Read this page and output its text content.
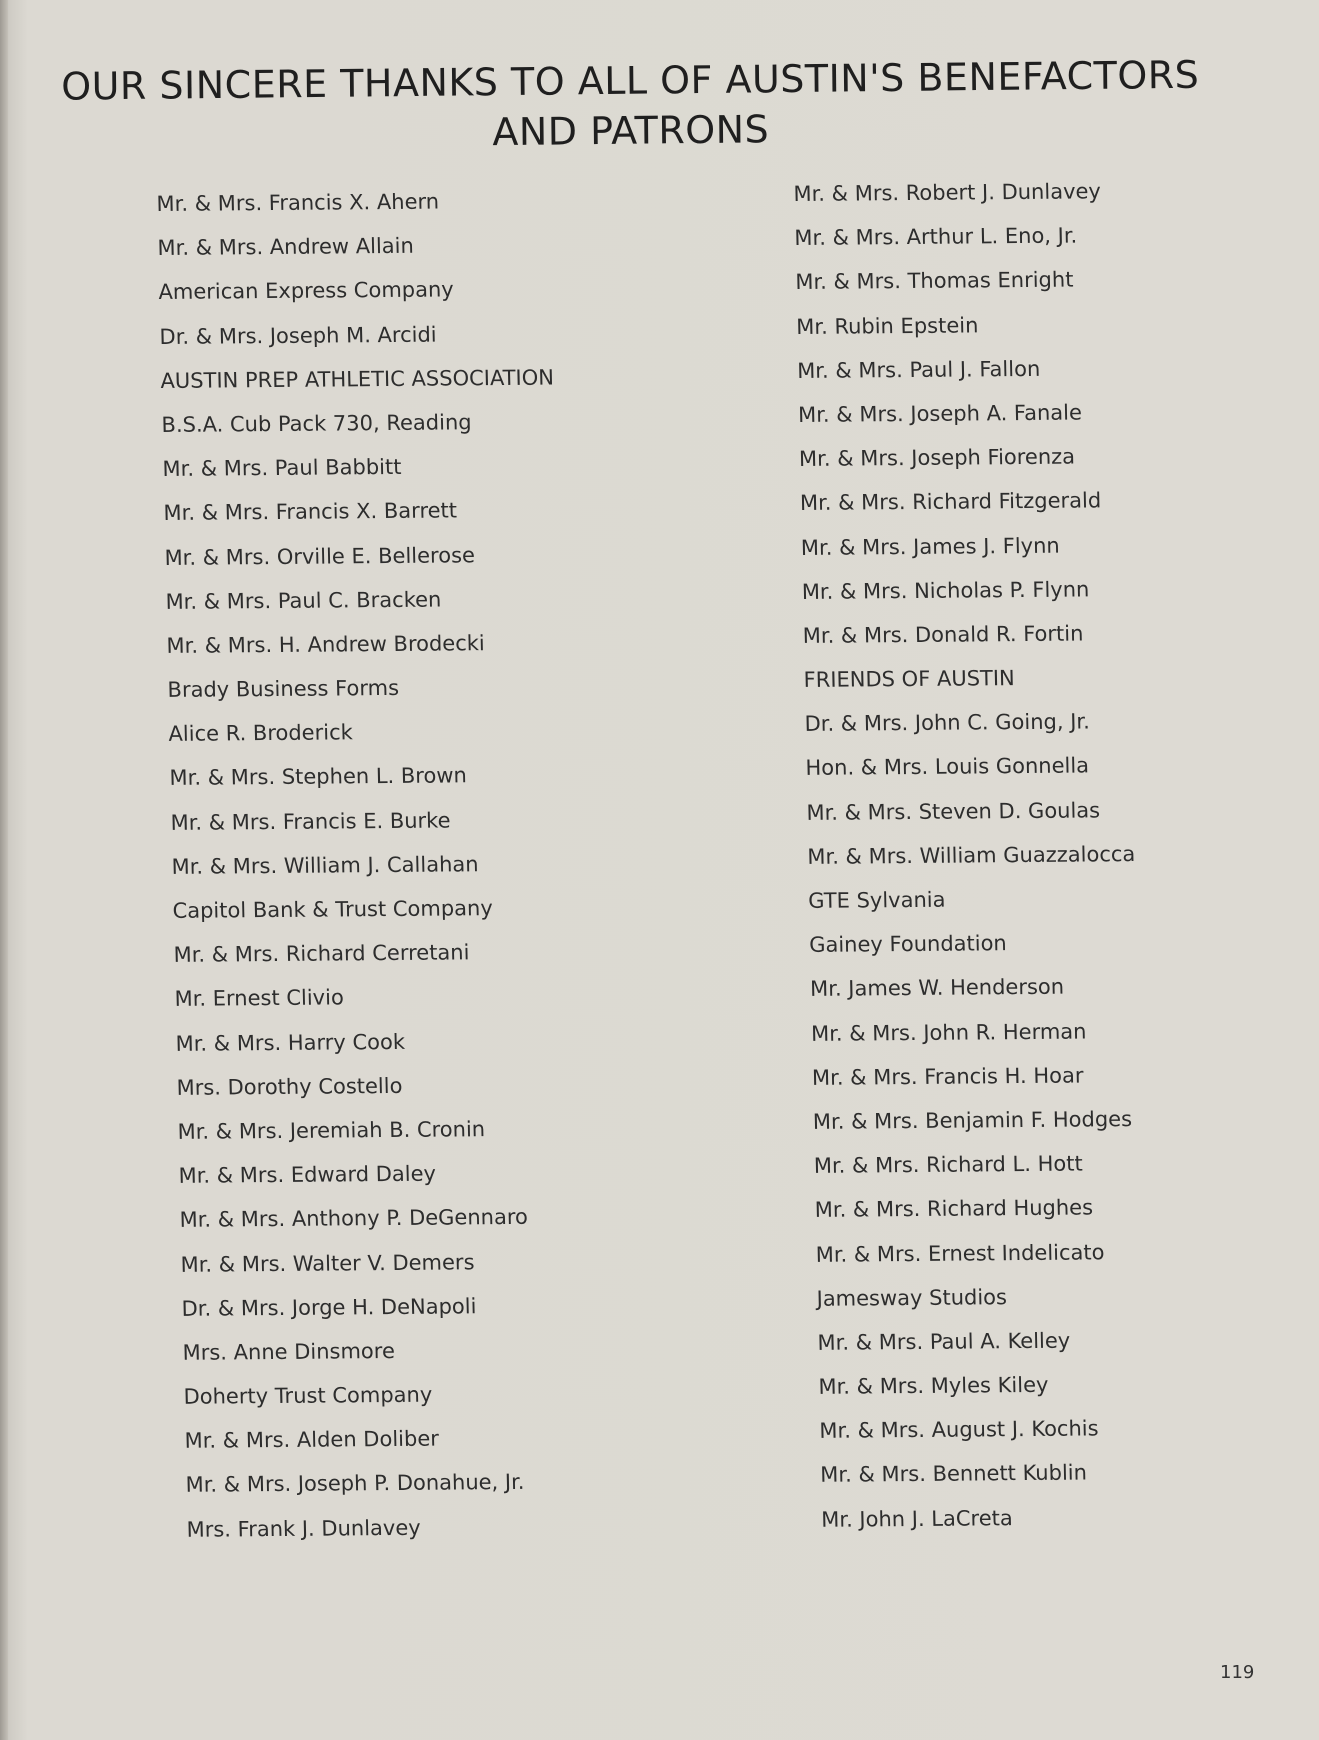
OUR SINCERE THANKS TO ALL OF AUSTIN'S BENEFACTORS AND PATRONS
Mr. & Mrs. Francis X. Ahern
Mr. & Mrs. Andrew Allain
American Express Company
Dr. & Mrs. Joseph M. Arcidi
AUSTIN PREP ATHLETIC ASSOCIATION
B.S.A. Cub Pack 730, Reading
Mr. & Mrs. Paul Babbitt
Mr. & Mrs. Francis X. Barrett
Mr. & Mrs. Orville E. Bellerose
Mr. & Mrs. Paul C. Bracken
Mr. & Mrs. H. Andrew Brodecki
Brady Business Forms
Alice R. Broderick
Mr. & Mrs. Stephen L. Brown
Mr. & Mrs. Francis E. Burke
Mr. & Mrs. William J. Callahan
Capitol Bank & Trust Company
Mr. & Mrs. Richard Cerretani
Mr. Ernest Clivio
Mr. & Mrs. Harry Cook
Mrs. Dorothy Costello
Mr. & Mrs. Jeremiah B. Cronin
Mr. & Mrs. Edward Daley
Mr. & Mrs. Anthony P. DeGennaro
Mr. & Mrs. Walter V. Demers
Dr. & Mrs. Jorge H. DeNapoli
Mrs. Anne Dinsmore
Doherty Trust Company
Mr. & Mrs. Alden Doliber
Mr. & Mrs. Joseph P. Donahue, Jr.
Mrs. Frank J. Dunlavey
Mr. & Mrs. Robert J. Dunlavey
Mr. & Mrs. Arthur L. Eno, Jr.
Mr. & Mrs. Thomas Enright
Mr. Rubin Epstein
Mr. & Mrs. Paul J. Fallon
Mr. & Mrs. Joseph A. Fanale
Mr. & Mrs. Joseph Fiorenza
Mr. & Mrs. Richard Fitzgerald
Mr. & Mrs. James J. Flynn
Mr. & Mrs. Nicholas P. Flynn
Mr. & Mrs. Donald R. Fortin
FRIENDS OF AUSTIN
Dr. & Mrs. John C. Going, Jr.
Hon. & Mrs. Louis Gonnella
Mr. & Mrs. Steven D. Goulas
Mr. & Mrs. William Guazzalocca
GTE Sylvania
Gainey Foundation
Mr. James W. Henderson
Mr. & Mrs. John R. Herman
Mr. & Mrs. Francis H. Hoar
Mr. & Mrs. Benjamin F. Hodges
Mr. & Mrs. Richard L. Hott
Mr. & Mrs. Richard Hughes
Mr. & Mrs. Ernest Indelicato
Jamesway Studios
Mr. & Mrs. Paul A. Kelley
Mr. & Mrs. Myles Kiley
Mr. & Mrs. August J. Kochis
Mr. & Mrs. Bennett Kublin
Mr. John J. LaCreta
119
